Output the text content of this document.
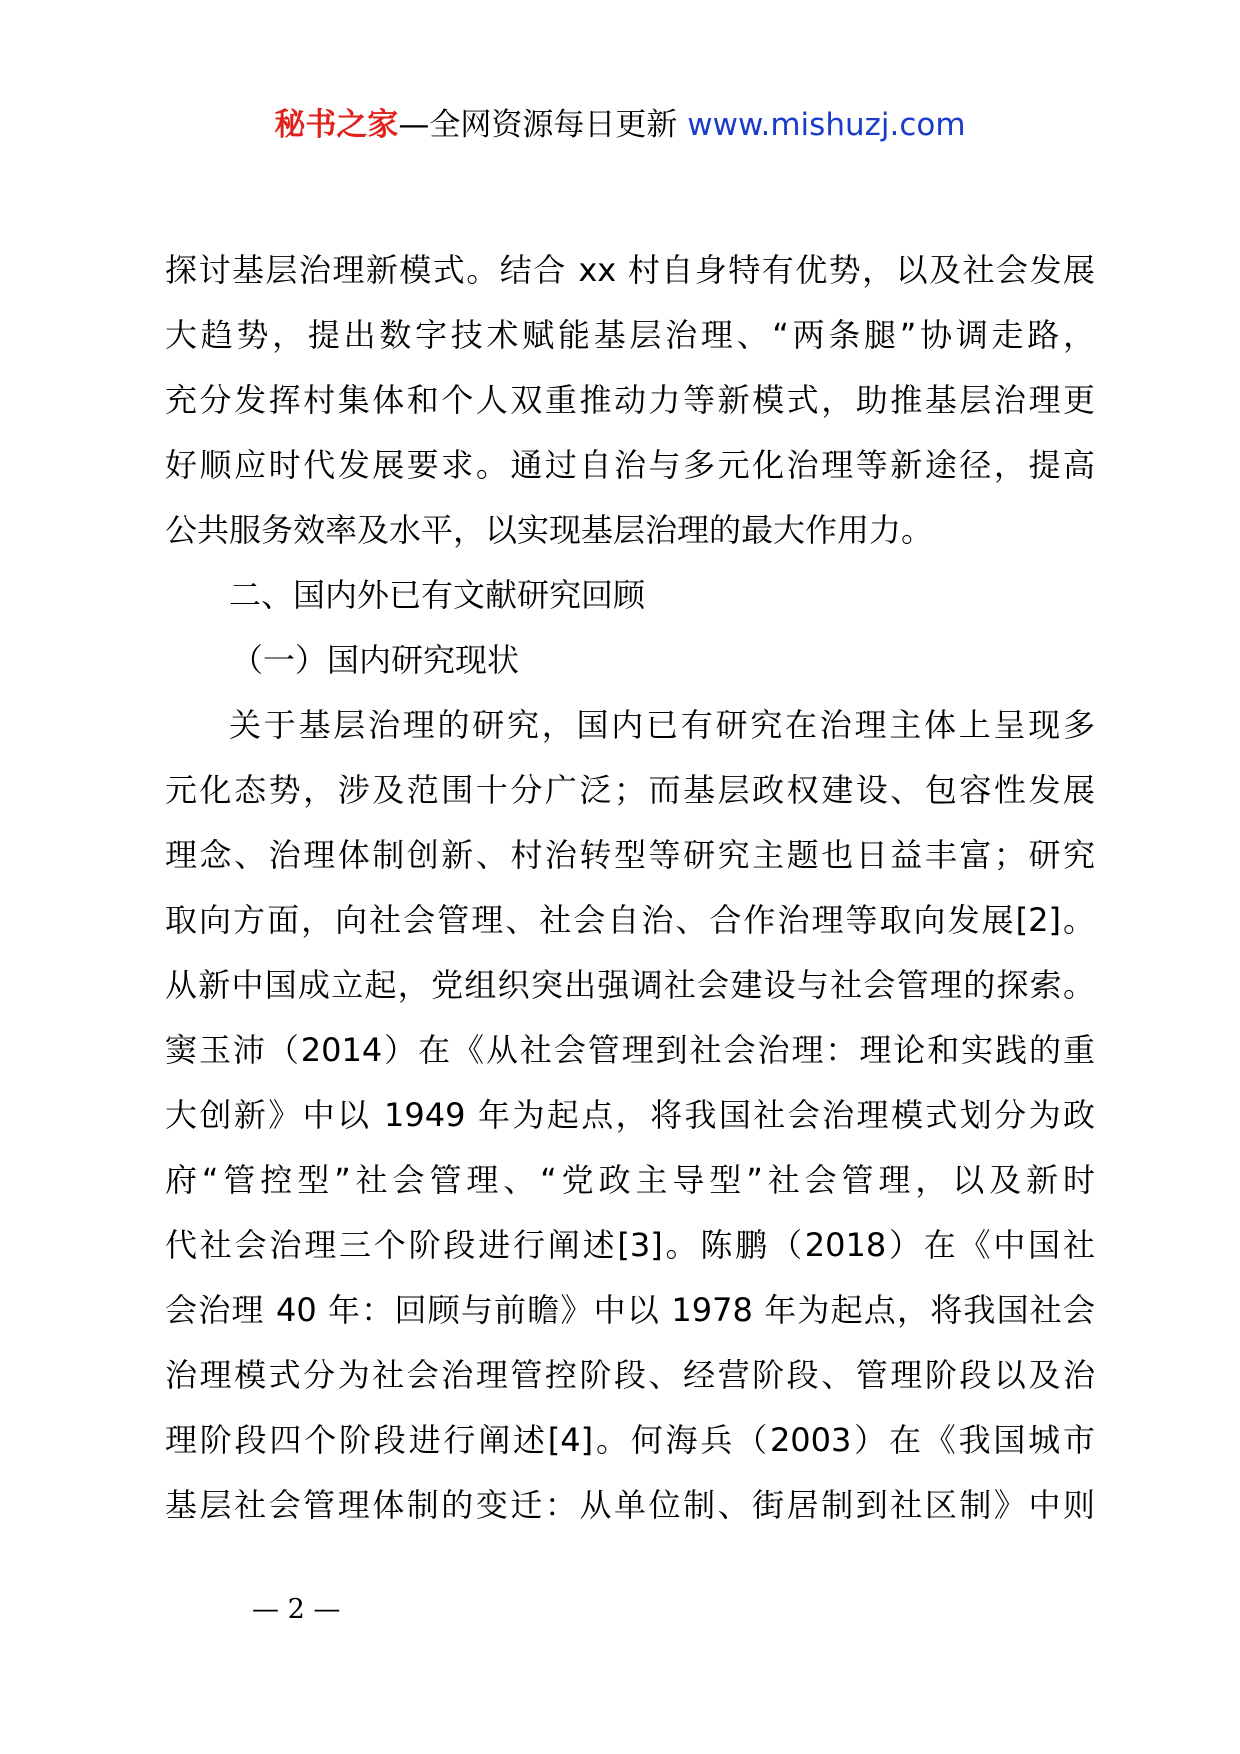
秘书之家—全网资源每日更新 www.mishuzj.com
探讨基层治理新模式。结合 xx 村自身特有优势，以及社会发展
大趋势，提出数字技术赋能基层治理、“两条腿”协调走路，
充分发挥村集体和个人双重推动力等新模式，助推基层治理更
好顺应时代发展要求。通过自治与多元化治理等新途径，提高
公共服务效率及水平，以实现基层治理的最大作用力。
二、国内外已有文献研究回顾
（一）国内研究现状
关于基层治理的研究，国内已有研究在治理主体上呈现多
元化态势，涉及范围十分广泛；而基层政权建设、包容性发展
理念、治理体制创新、村治转型等研究主题也日益丰富；研究
取向方面，向社会管理、社会自治、合作治理等取向发展[2]。
从新中国成立起，党组织突出强调社会建设与社会管理的探索。
窦玉沛（2014）在《从社会管理到社会治理：理论和实践的重
大创新》中以 1949 年为起点，将我国社会治理模式划分为政
府“管控型”社会管理、“党政主导型”社会管理，以及新时
代社会治理三个阶段进行阐述[3]。陈鹏（2018）在《中国社
会治理 40 年：回顾与前瞻》中以 1978 年为起点，将我国社会
治理模式分为社会治理管控阶段、经营阶段、管理阶段以及治
理阶段四个阶段进行阐述[4]。何海兵（2003）在《我国城市
基层社会管理体制的变迁：从单位制、街居制到社区制》中则
— 2 —
